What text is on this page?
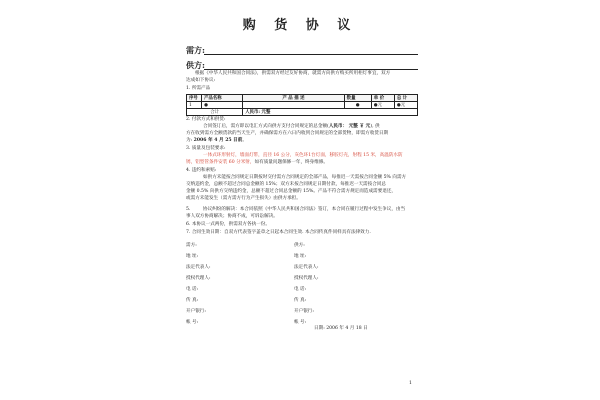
购 货 协 议
需方:
供方:
根据《中华人民共和国合同法》，供需双方经过友好协商，就需方向供方购买所用柜灯事宜，双方
达成如下协议:
1. 所需产品
序号	产品名称	产 品 描 述	数量	单 价	总 计
1	●		●	●元	●元
合计		人民币: 元整			
2. 付款方式和供货:
合同签订后，需方即以电汇方式向供方支付合同规定的总金额(人民币： 元整 ￥ 元), 供
方在收到需方全额货款的当天生产，并确保需方在六日内收到合同规定的全部货物，即需方收货日期
为: 2006 年 4 月 25 日前。
3. 质量及包装要求:
一体式环形射灯，墙面灯带，直径 16 公分，灰色环1台灯面，移胶灯壳，射程 15 米，高温防水防
锈，铝型管条件安装 60 分米射，如有质量问题保修一年，终身维修。
4. 违约和索赔:
如供方未能按合同规定日期按时交付需方合同规定的全部产品，每推迟一天需按合同金额 5% 向需方
交纳违约金，总额不超过合同总金额的 15%；双方未按合同规定日期付款，每推迟一天需按合同总
金额 0.5% 向供方交纳违约金，总额不超过合同总金额的 15%。产品不符合需方规定而造成需要退还，
或需方未能发生（需方需方行为产生损失）由供方承担。
5.	协议纠纷的解决：本合同依照《中华人民共和国合同法》签订，本合同在履行过程中发生争议，由当
事人双方协商解决；协商不成，可诉讼解决。
6. 本协议一式两份，供需双方各执一份。
7. 合同生效日期：自双方代表签字盖章之日起本合同生效. 本合同传真件同样具有法律效力.
需方:
地 址:
法定代表人:
授权代理人:
电 话:
传 真:
开户银行:
帐 号:
供方:
地 址:
法定代表人:
授权代理人:
电 话:
传 真:
开户银行:
帐 号:
日期: 2006 年 4 月 18 日
1
